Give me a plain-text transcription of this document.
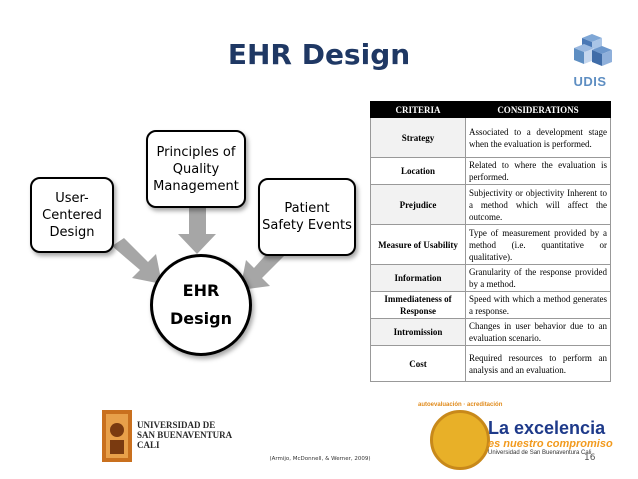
EHR Design
UDIS
User-
Centered
Design
Principles of
Quality
Management
Patient
Safety Events
EHR
Design
CRITERIA	CONSIDERATIONS
Strategy	Associated to a development stage when the evaluation is performed.
Location	Related to where the evaluation is performed.
Prejudice	Subjectivity or objectivity Inherent to a method which will affect the outcome.
Measure of Usability	Type of measurement provided by a method (i.e. quantitative or qualitative).
Information	Granularity of the response provided by a method.
Immediateness of Response	Speed with which a method generates a response.
Intromission	Changes in user behavior due to an evaluation scenario.
Cost	Required resources to perform an analysis and an evaluation.
UNIVERSIDAD DE
SAN BUENAVENTURA
CALI
(Armijo, McDonnell, & Werner, 2009)
autoevaluación · acreditación
La excelencia
es nuestro compromiso
Universidad de San Buenaventura Cali
16
